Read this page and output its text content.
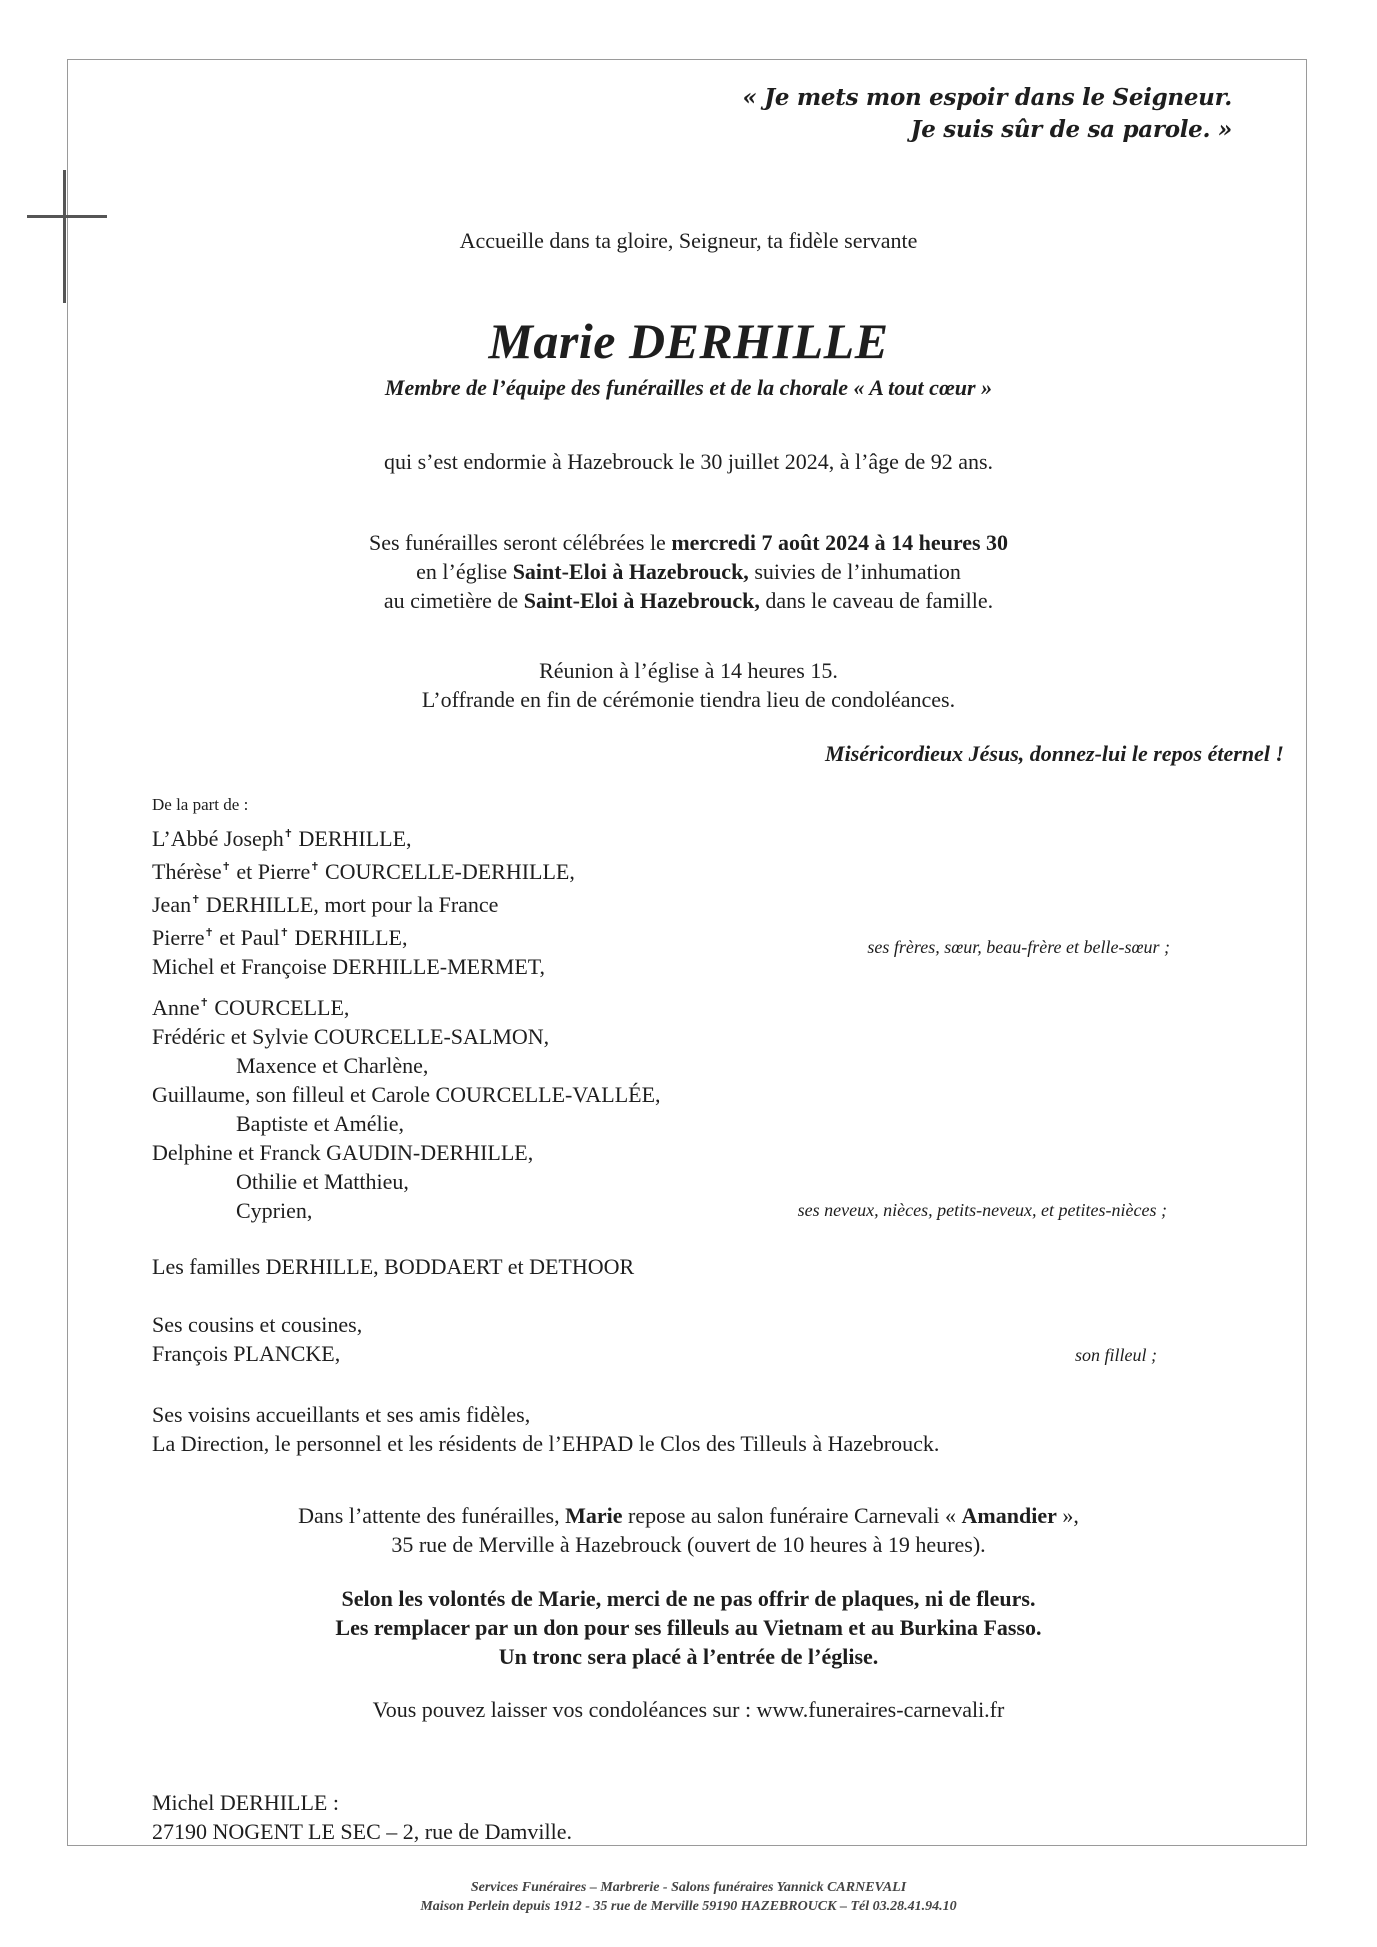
« Je mets mon espoir dans le Seigneur.
Je suis sûr de sa parole. »
Accueille dans ta gloire, Seigneur, ta fidèle servante
Marie DERHILLE
Membre de l’équipe des funérailles et de la chorale « A tout cœur »
qui s’est endormie à Hazebrouck le 30 juillet 2024, à l’âge de 92 ans.
Ses funérailles seront célébrées le mercredi 7 août 2024 à 14 heures 30
en l’église Saint-Eloi à Hazebrouck, suivies de l’inhumation
au cimetière de Saint-Eloi à Hazebrouck, dans le caveau de famille.
Réunion à l’église à 14 heures 15.
L’offrande en fin de cérémonie tiendra lieu de condoléances.
Miséricordieux Jésus, donnez-lui le repos éternel !
De la part de :
L’Abbé Joseph✝ DERHILLE,
Thérèse✝ et Pierre✝ COURCELLE-DERHILLE,
Jean✝ DERHILLE, mort pour la France
Pierre✝ et Paul✝ DERHILLE,
Michel et Françoise DERHILLE-MERMET,
ses frères, sœur, beau-frère et belle-sœur ;
Anne✝ COURCELLE,
Frédéric et Sylvie COURCELLE-SALMON,
Maxence et Charlène,
Guillaume, son filleul et Carole COURCELLE-VALLÉE,
Baptiste et Amélie,
Delphine et Franck GAUDIN-DERHILLE,
Othilie et Matthieu,
Cyprien,	ses neveux, nièces, petits-neveux, et petites-nièces ;
Les familles DERHILLE, BODDAERT et DETHOOR
Ses cousins et cousines,
François PLANCKE,	son filleul ;
Ses voisins accueillants et ses amis fidèles,
La Direction, le personnel et les résidents de l’EHPAD le Clos des Tilleuls à Hazebrouck.
Dans l’attente des funérailles, Marie repose au salon funéraire Carnevali « Amandier »,
35 rue de Merville à Hazebrouck (ouvert de 10 heures à 19 heures).
Selon les volontés de Marie, merci de ne pas offrir de plaques, ni de fleurs.
Les remplacer par un don pour ses filleuls au Vietnam et au Burkina Fasso.
Un tronc sera placé à l’entrée de l’église.
Vous pouvez laisser vos condoléances sur : www.funeraires-carnevali.fr
Michel DERHILLE :
27190 NOGENT LE SEC – 2, rue de Damville.
Services Funéraires – Marbrerie - Salons funéraires Yannick CARNEVALI
Maison Perlein depuis 1912 - 35 rue de Merville 59190 HAZEBROUCK – Tél 03.28.41.94.10
